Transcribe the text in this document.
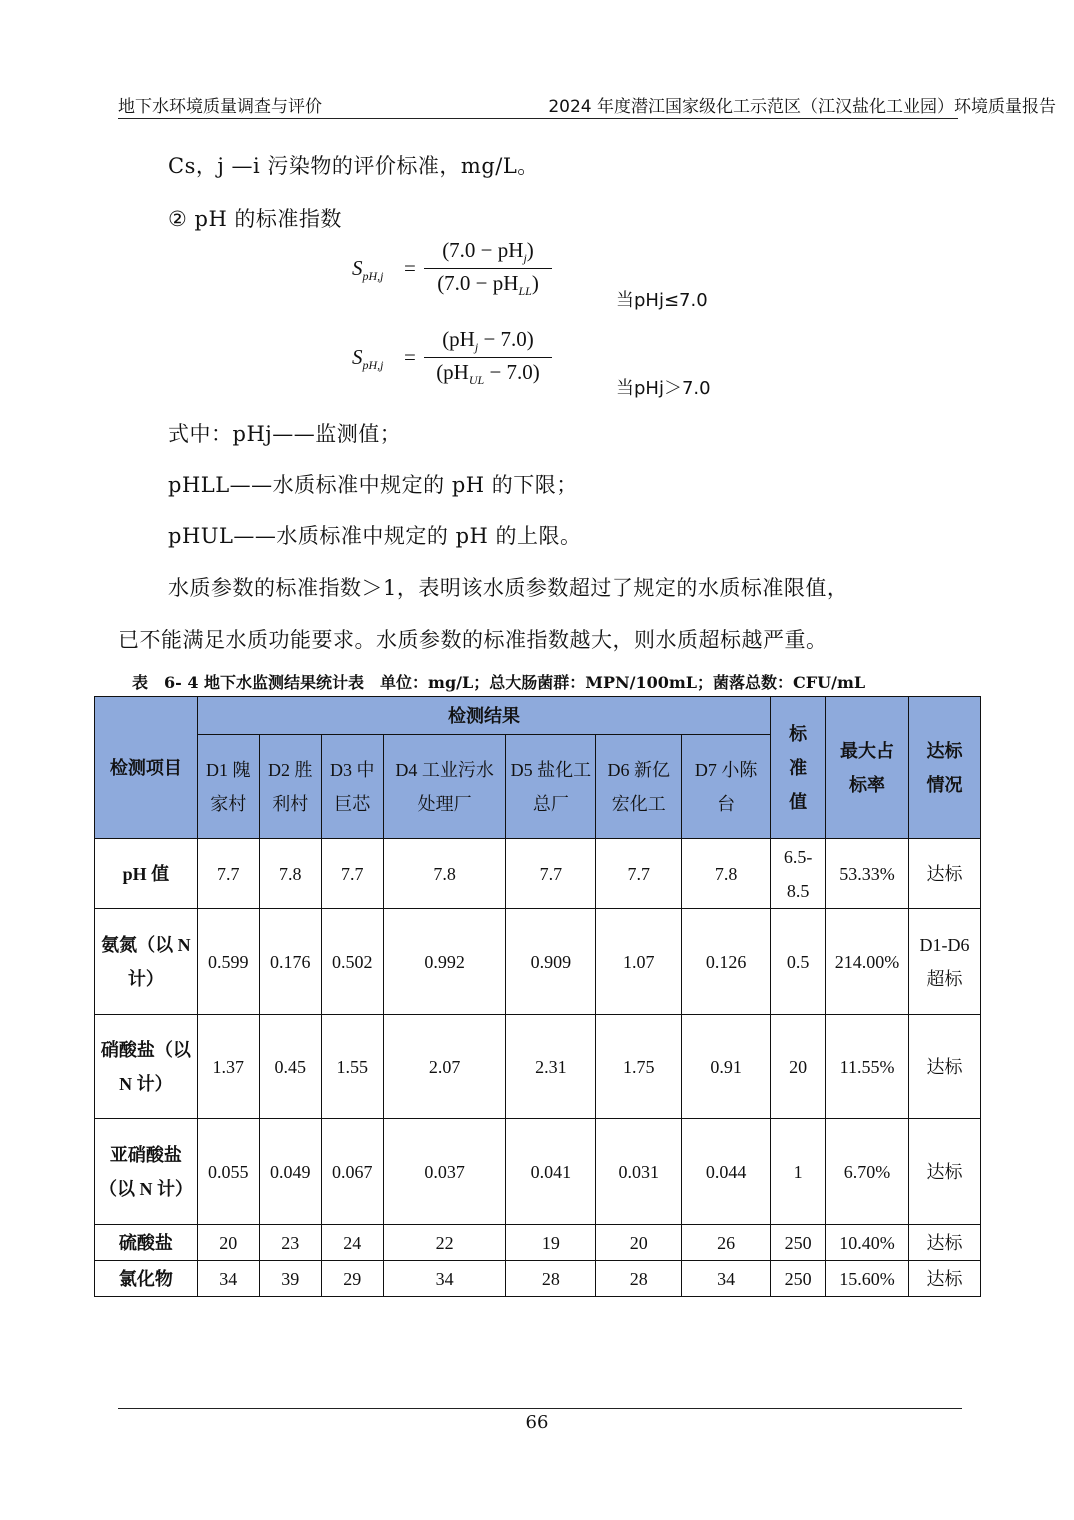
地下水环境质量调查与评价	2024 年度潜江国家级化工示范区（江汉盐化工业园）环境质量报告
Cs，j —i 污染物的评价标准，mg/L。
② pH 的标准指数
$S_{pH,j}$ =
$(7.0 - pH_j)$
$(7.0 - pH_{LL})$
当pHj≤7.0
$S_{pH,j}$ =
$(pH_j - 7.0)$
$(pH_{UL} - 7.0)$
当pHj＞7.0
式中：pHj——监测值；
pHLL——水质标准中规定的 pH 的下限；
pHUL——水质标准中规定的 pH 的上限。
水质参数的标准指数＞1，表明该水质参数超过了规定的水质标准限值，
已不能满足水质功能要求。水质参数的标准指数越大，则水质超标越严重。
表　6- 4 地下水监测结果统计表　单位：mg/L；总大肠菌群：MPN/100mL；菌落总数：CFU/mL
检测项目	检测结果							标准值	最大占标率	达标情况
	D1 隗家村	D2 胜利村	D3 中巨芯	D4 工业污水处理厂	D5 盐化工总厂	D6 新亿宏化工	D7 小陈台			
pH 值	7.7	7.8	7.7	7.8	7.7	7.7	7.8	6.5-8.5	53.33%	达标
氨氮（以 N 计）	0.599	0.176	0.502	0.992	0.909	1.07	0.126	0.5	214.00%	D1-D6 超标
硝酸盐（以 N 计）	1.37	0.45	1.55	2.07	2.31	1.75	0.91	20	11.55%	达标
亚硝酸盐（以 N 计）	0.055	0.049	0.067	0.037	0.041	0.031	0.044	1	6.70%	达标
硫酸盐	20	23	24	22	19	20	26	250	10.40%	达标
氯化物	34	39	29	34	28	28	34	250	15.60%	达标
66
